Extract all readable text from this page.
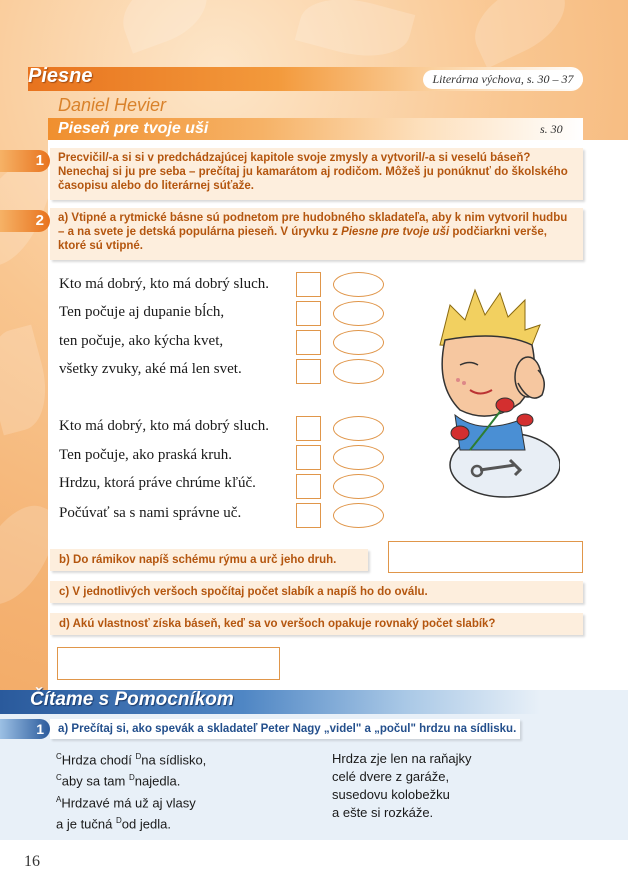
Piesne	Literárna výchova, s. 30 – 37
Daniel Hevier
Pieseň pre tvoje uši	s. 30
1	Precvičil/-a si si v predchádzajúcej kapitole svoje zmysly a vytvoril/-a si veselú báseň? Nenechaj si ju pre seba – prečítaj ju kamarátom aj rodičom. Môžeš ju ponúknuť do školského časopisu alebo do literárnej súťaže.
2	a) Vtipné a rytmické básne sú podnetom pre hudobného skladateľa, aby k nim vytvoril hudbu – a na svete je detská populárna pieseň. V úryvku z Piesne pre tvoje uši podčiarkni verše, ktoré sú vtipné.
Kto má dobrý, kto má dobrý sluch.
Ten počuje aj dupanie bĺch,
ten počuje, ako kýcha kvet,
všetky zvuky, aké má len svet.
Kto má dobrý, kto má dobrý sluch.
Ten počuje, ako praská kruh.
Hrdzu, ktorá práve chrúme kľúč.
Počúvať sa s nami správne uč.
b) Do rámikov napíš schému rýmu a urč jeho druh.
c) V jednotlivých veršoch spočítaj počet slabík a napíš ho do oválu.
d) Akú vlastnosť získa báseň, keď sa vo veršoch opakuje rovnaký počet slabík?
Čítame s Pomocníkom
1	a) Prečítaj si, ako spevák a skladateľ Peter Nagy „videl" a „počul" hrdzu na sídlisku.
$^C$Hrdza chodí $^D$na sídlisko,
$^C$aby sa tam $^D$najedla.
$^A$Hrdzavé má už aj vlasy
a je tučná $^D$od jedla.
Hrdza zje len na raňajky
celé dvere z garáže,
susedovu kolobežku
a ešte si rozkáže.
16
